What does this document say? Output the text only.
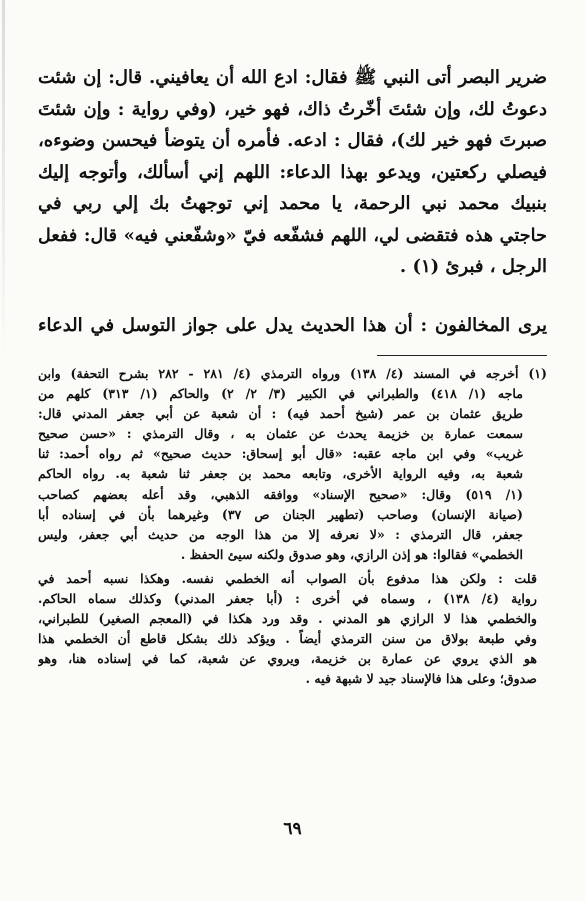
ضرير البصر أتى النبي ﷺ فقال: ادع الله أن يعافيني. قال: إن شئت
دعوتُ لك، وإن شئتَ أخّرتُ ذاك، فهو خير، (وفي رواية : وإن شئتَ
صبرتَ فهو خير لك)، فقال : ادعه. فأمره أن يتوضأ فيحسن وضوءه،
فيصلي ركعتين، ويدعو بهذا الدعاء: اللهم إني أسألك، وأتوجه إليك
بنبيك محمد نبي الرحمة، يا محمد إني توجهتُ بك إلي ربي في
حاجتي هذه فتقضى لي، اللهم فشفّعه فيّ «وشفّعني فيه» قال: ففعل
الرجل ، فبرئ (١) .
يرى المخالفون : أن هذا الحديث يدل على جواز التوسل في الدعاء
(١) أخرجه في المسند (٤/ ١٣٨) ورواه الترمذي (٤/ ٢٨١ - ٢٨٢ بشرح التحفة) وابن
ماجه (١/ ٤١٨) والطبراني في الكبير (٣/ ٢/ ٢) والحاكم (١/ ٣١٣) كلهم من
طريق عثمان بن عمر (شيخ أحمد فيه) : أن شعبة عن أبي جعفر المدني قال:
سمعت عمارة بن خزيمة يحدث عن عثمان به ، وقال الترمذي : «حسن صحيح
غريب» وفي ابن ماجه عقبه: «قال أبو إسحاق: حديث صحيح» ثم رواه أحمد: ثنا
شعبة به، وفيه الرواية الأخرى، وتابعه محمد بن جعفر ثنا شعبة به. رواه الحاكم
(١/ ٥١٩) وقال: «صحيح الإسناد» ووافقه الذهبي، وقد أعله بعضهم كصاحب
(صيانة الإنسان) وصاحب (تطهير الجنان ص ٣٧) وغيرهما بأن في إسناده أبا
جعفر، قال الترمذي : «لا نعرفه إلا من هذا الوجه من حديث أبي جعفر، وليس
الخطمي» فقالوا: هو إذن الرازي، وهو صدوق ولكنه سيئ الحفظ .
قلت : ولكن هذا مدفوع بأن الصواب أنه الخطمي نفسه. وهكذا نسبه أحمد في
رواية (٤/ ١٣٨) ، وسماه في أخرى : (أبا جعفر المدني) وكذلك سماه الحاكم.
والخطمي هذا لا الرازي هو المدني . وقد ورد هكذا في (المعجم الصغير) للطبراني،
وفي طبعة بولاق من سنن الترمذي أيضاً . ويؤكد ذلك بشكل قاطع أن الخطمي هذا
هو الذي يروي عن عمارة بن خزيمة، ويروي عن شعبة، كما في إسناده هنا، وهو
صدوق؛ وعلى هذا فالإسناد جيد لا شبهة فيه .
٦٩
